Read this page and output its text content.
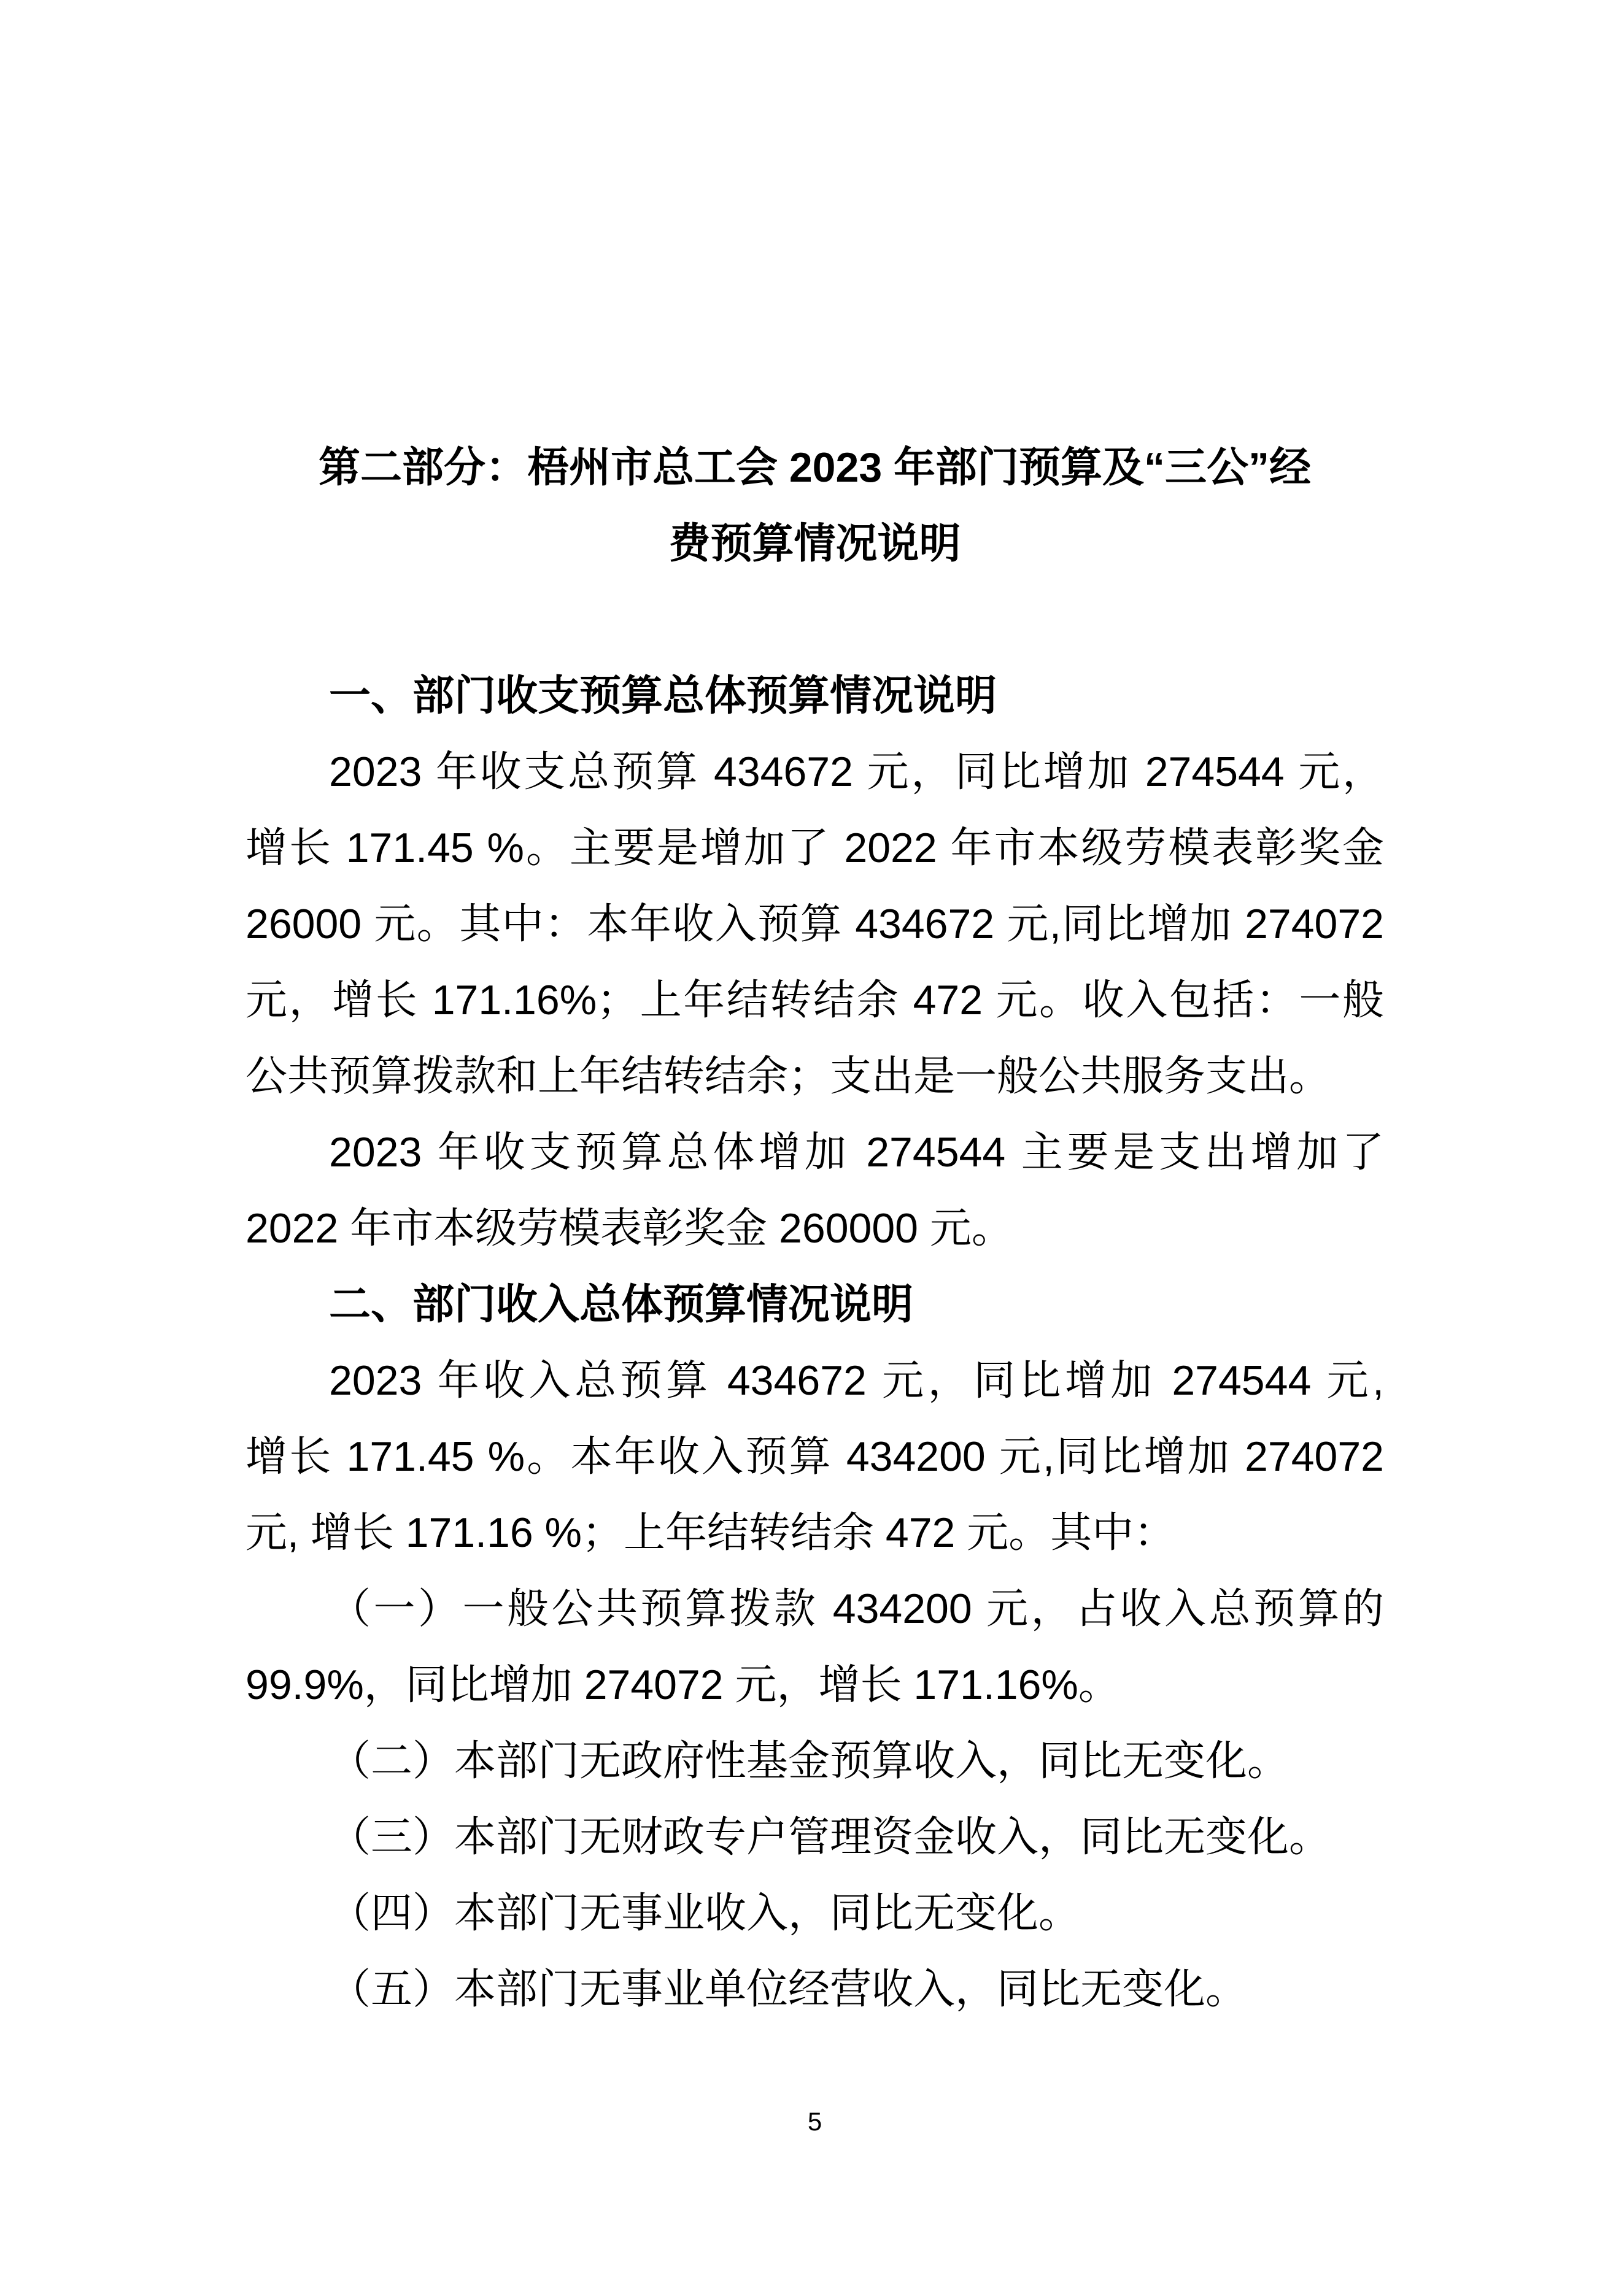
第二部分：梧州市总工会 2023 年部门预算及“三公”经
费预算情况说明
一、部门收支预算总体预算情况说明
2023 年收支总预算 434672 元，同比增加 274544 元，
增长 171.45 %。主要是增加了 2022 年市本级劳模表彰奖金
26000 元。其中：本年收入预算 434672 元,同比增加 274072
元，增长 171.16%；上年结转结余 472 元。收入包括：一般
公共预算拨款和上年结转结余；支出是一般公共服务支出。
2023 年收支预算总体增加 274544 主要是支出增加了
2022 年市本级劳模表彰奖金 260000 元。
二、部门收入总体预算情况说明
2023 年收入总预算 434672 元，同比增加 274544 元,
增长 171.45 %。本年收入预算 434200 元,同比增加 274072
元, 增长 171.16 %；上年结转结余 472 元。其中：
（一）一般公共预算拨款 434200 元，占收入总预算的
99.9%，同比增加 274072 元，增长 171.16%。
（二）本部门无政府性基金预算收入，同比无变化。
（三）本部门无财政专户管理资金收入，同比无变化。
（四）本部门无事业收入，同比无变化。
（五）本部门无事业单位经营收入，同比无变化。
5
